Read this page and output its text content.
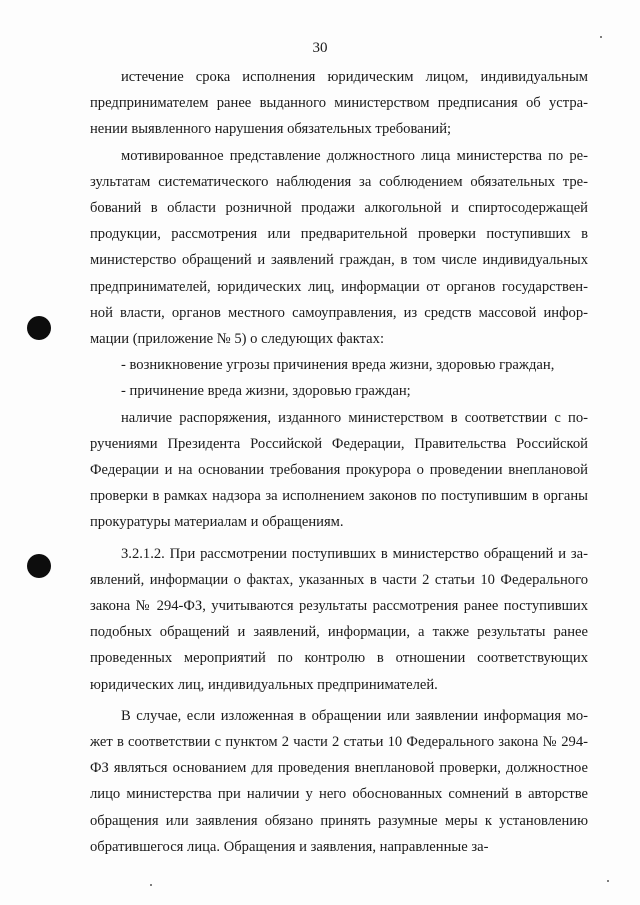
30

истечение срока исполнения юридическим лицом, индивидуальным предпринимателем ранее выданного министерством предписания об устранении выявленного нарушения обязательных требований;

мотивированное представление должностного лица министерства по результатам систематического наблюдения за соблюдением обязательных требований в области розничной продажи алкогольной и спиртосодержащей продукции, рассмотрения или предварительной проверки поступивших в министерство обращений и заявлений граждан, в том числе индивидуальных предпринимателей, юридических лиц, информации от органов государственной власти, органов местного самоуправления, из средств массовой информации (приложение № 5) о следующих фактах:

- возникновение угрозы причинения вреда жизни, здоровью граждан,

- причинение вреда жизни, здоровью граждан;

наличие распоряжения, изданного министерством в соответствии с поручениями Президента Российской Федерации, Правительства Российской Федерации и на основании требования прокурора о проведении внеплановой проверки в рамках надзора за исполнением законов по поступившим в органы прокуратуры материалам и обращениям.

3.2.1.2. При рассмотрении поступивших в министерство обращений и заявлений, информации о фактах, указанных в части 2 статьи 10 Федерального закона № 294-ФЗ, учитываются результаты рассмотрения ранее поступивших подобных обращений и заявлений, информации, а также результаты ранее проведенных мероприятий по контролю в отношении соответствующих юридических лиц, индивидуальных предпринимателей.

В случае, если изложенная в обращении или заявлении информация может в соответствии с пунктом 2 части 2 статьи 10 Федерального закона № 294-ФЗ являться основанием для проведения внеплановой проверки, должностное лицо министерства при наличии у него обоснованных сомнений в авторстве обращения или заявления обязано принять разумные меры к установлению обратившегося лица. Обращения и заявления, направленные за-
